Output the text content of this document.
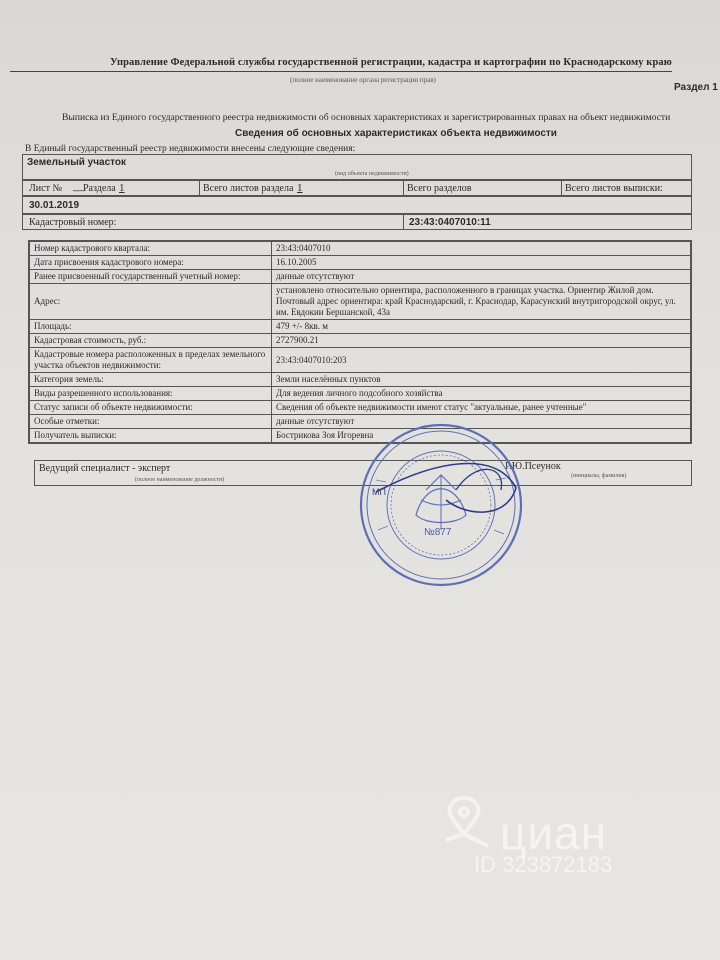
Управление Федеральной службы государственной регистрации, кадастра и картографии по Краснодарскому краю
(полное наименование органа регистрации прав)
Раздел 1
Выписка из Единого государственного реестра недвижимости об основных характеристиках и зарегистрированных правах на объект недвижимости
Сведения об основных характеристиках объекта недвижимости
В Единый государственный реестр недвижимости внесены следующие сведения:
Земельный участок
(вид объекта недвижимости)
Лист № __
Раздела 1	Всего листов раздела 1	Всего разделов	Всего листов выписки:
30.01.2019
Кадастровый номер:	23:43:0407010:11
Номер кадастрового квартала:	23:43:0407010
Дата присвоения кадастрового номера:	16.10.2005
Ранее присвоенный государственный учетный номер:	данные отсутствуют
Адрес:	установлено относительно ориентира, расположенного в границах участка. Ориентир Жилой дом. Почтовый адрес ориентира: край Краснодарский, г. Краснодар, Карасунский внутригородской округ, ул. им. Евдокии Бершанской, 43а
Площадь:	479 +/- 8кв. м
Кадастровая стоимость, руб.:	2727900.21
Кадастровые номера расположенных в пределах земельного участка объектов недвижимости:	23:43:0407010:203
Категория земель:	Земли населённых пунктов
Виды разрешенного использования:	Для ведения личного подсобного хозяйства
Статус записи об объекте недвижимости:	Сведения об объекте недвижимости имеют статус "актуальные, ранее учтенные"
Особые отметки:	данные отсутствуют
Получатель выписки:	Бострикова Зоя Игоревна
Ведущий специалист - эксперт
(полное наименование должности)
Р.Ю.Псеунок
(инициалы, фамилия)
МП
№877
циан
ID 323872183
